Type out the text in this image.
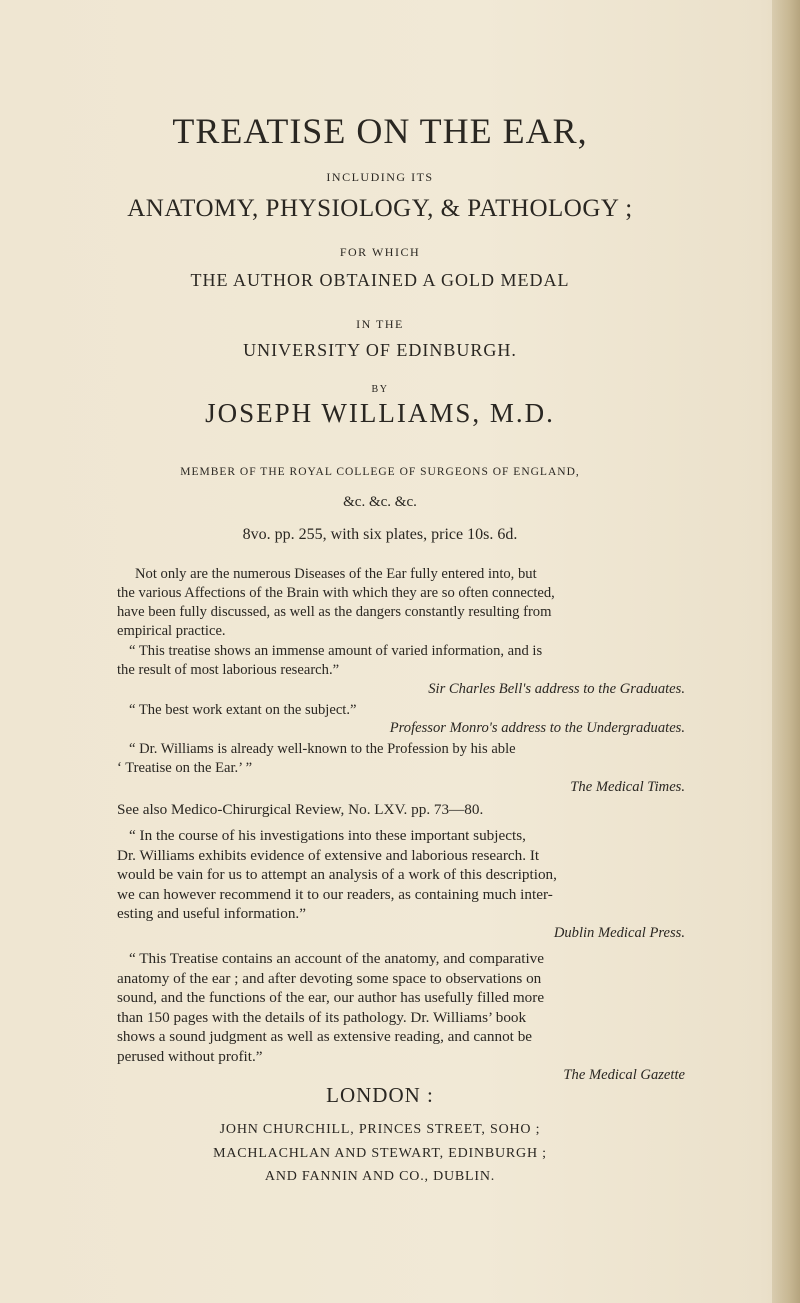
TREATISE ON THE EAR,
INCLUDING ITS
ANATOMY, PHYSIOLOGY, & PATHOLOGY ;
FOR WHICH
THE AUTHOR OBTAINED A GOLD MEDAL
IN THE
UNIVERSITY OF EDINBURGH.
BY
JOSEPH WILLIAMS, M.D.
MEMBER OF THE ROYAL COLLEGE OF SURGEONS OF ENGLAND,
&c. &c. &c.
8vo. pp. 255, with six plates, price 10s. 6d.

Not only are the numerous Diseases of the Ear fully entered into, but

the various Affections of the Brain with which they are so often connected,

have been fully discussed, as well as the dangers constantly resulting from

empirical practice.

“ This treatise shows an immense amount of varied information, and is

the result of most laborious research.”

Sir Charles Bell's address to the Graduates.

“ The best work extant on the subject.”

Professor Monro's address to the Undergraduates.

“ Dr. Williams is already well-known to the Profession by his able

‘ Treatise on the Ear.’ ”

The Medical Times.

See also Medico-Chirurgical Review, No. LXV. pp. 73—80.

“ In the course of his investigations into these important subjects,

Dr. Williams exhibits evidence of extensive and laborious research. It

would be vain for us to attempt an analysis of a work of this description,

we can however recommend it to our readers, as containing much inter-

esting and useful information.”

Dublin Medical Press.

“ This Treatise contains an account of the anatomy, and comparative

anatomy of the ear ; and after devoting some space to observations on

sound, and the functions of the ear, our author has usefully filled more

than 150 pages with the details of its pathology. Dr. Williams’ book

shows a sound judgment as well as extensive reading, and cannot be

perused without profit.”

The Medical Gazette
LONDON :
JOHN CHURCHILL, PRINCES STREET, SOHO ;
MACHLACHLAN AND STEWART, EDINBURGH ;
AND FANNIN AND CO., DUBLIN.
